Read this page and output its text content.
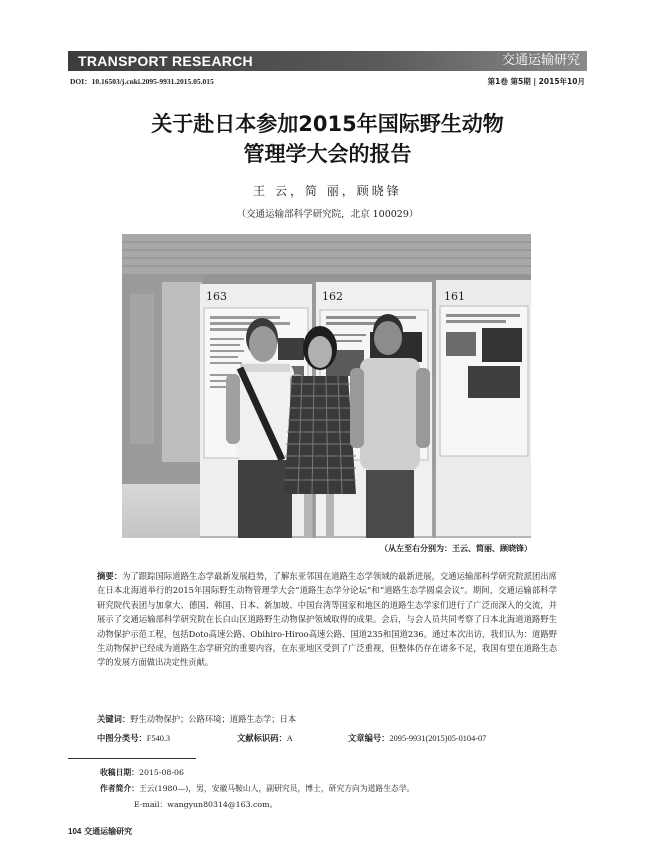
TRANSPORT RESEARCH	交通运输研究
DOI：10.16503/j.cnki.2095-9931.2015.05.015	第1卷 第5期 | 2015年10月
关于赴日本参加2015年国际野生动物
管理学大会的报告
王 云，简 丽，顾晓锋
（交通运输部科学研究院，北京 100029）
163	162	161
（从左至右分别为：王云、简丽、顾晓锋）
摘要：为了跟踪国际道路生态学最新发展趋势，了解东亚邻国在道路生态学领域的最新进展，交通运输部科学研究院派团出席在日本北海道举行的2015年国际野生动物管理学大会“道路生态学分论坛”和“道路生态学圆桌会议”。期间，交通运输部科学研究院代表团与加拿大、德国、韩国、日本、新加坡、中国台湾等国家和地区的道路生态学家们进行了广泛而深入的交流，并展示了交通运输部科学研究院在长白山区道路野生动物保护领域取得的成果。会后，与会人员共同考察了日本北海道道路野生动物保护示范工程，包括Doto高速公路、Obihiro-Hiroo高速公路、国道235和国道236。通过本次出访，我们认为：道路野生动物保护已经成为道路生态学研究的重要内容，在东亚地区受到了广泛重视，但整体仍存在诸多不足，我国有望在道路生态学的发展方面做出决定性贡献。
关键词：野生动物保护；公路环境；道路生态学；日本
中图分类号：F540.3	文献标识码：A	文章编号：2095-9931(2015)05-0104-07
收稿日期：2015-08-06
作者简介：王云(1980—)，男，安徽马鞍山人，副研究员，博士，研究方向为道路生态学。
E-mail：wangyun80314@163.com。
104 交通运输研究
